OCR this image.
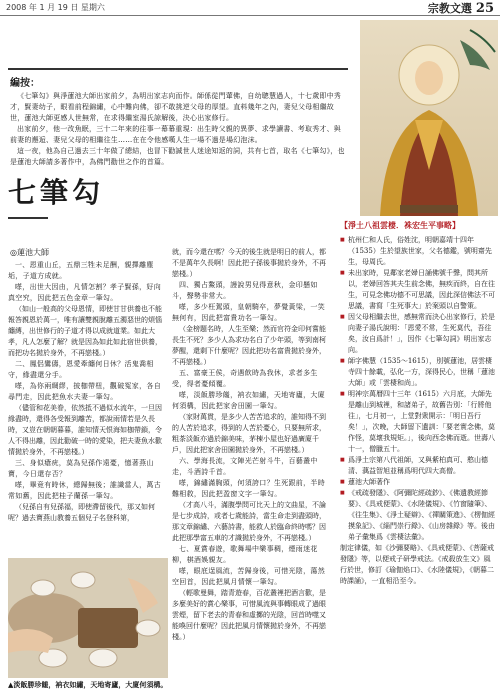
2008 年 1 月 19 日 星期六	宗教文選 25
編按：

《七筆勾》與淨蓮池大師出家前夕，為明出家志向而作。師係從門葷佛，自幼聰慧過人，十七歲即中秀才，賢妻幼子，眼看前程錦繡，心中難向佛，卻不敢挑逆父母的厚望。直料幾年之內，妻兒父母相繼故世，蓮池大師更感人世無常，在求得繼室湯氏諒解後，決心出家修行。

出家前夕，他一改魚眠，三十二年來的往事一幕幕重現：出生時父親的異夢、求學讀書、考取秀才、與前妻的邂逅、妻兒父母的相繼往生……在在令他感嘆人生一場不過是場幻泡沫。

這一夜，他為自己過去三十年做了總結，也冒下勸誠世人迷途知返的詞，共有七首，取名《七筆勾》，也是蓮池大師請多著作中，為佛門勸世之作的首篇。

七筆勾
◎蓮池大師

一、恩重山丘，五鼎三牲未足酬，親擇離塵垢，子道方成就。

嗏，出世大因由，凡情怎割？孝子賢孫，好向真空究，因此把五色金章一筆勾。

（如山一般高的父母恩情，即使甘甘供養也不能報答親恩於萬一，唯有讓雙親脫離五濁惡世的煩惱纏縛，出世修行的子道才得以成就道業。如此大孝，凡人怎麼了解？就是因為如此如此宿世供養，而把功名拋於身外，不再戀棧。）

二、鳳侶鸞儔，恩愛牽纏何日休？活鬼喬相守，緣盡還分手。

嗏，為你兩綢繆，披枷帶杻，觀破冤家，各自尋門走，因此把魚水夫妻一筆勾。

（儘管和花美眷，依然抵不過似水流年，一旦因緣盡時，還得各受報到離苦，都說雨情若是久長時，又豈在朝朝暮暮，誰知情天恨海如枷帶鎖，令人不得出離，因此勸破一時的愛染，把夫妻魚水歡情拋於身外，不再戀棧。）

三、身似瘡疣，莫為兒孫作遠憂，憶著燕山寶，今日還存否？

嗏，畢竟有時休，總歸無後；誰識當人，萬古常如舊，因此把桂子蘭孫一筆勾。

（兒孫自有兒孫福，即使滯留後代，那又如何呢？過去寶燕山教養五個兒子名登科第，

就，而今還在嗎？今天的後生就是明日的前人，都不是萬年久長啊！因此把子孫後事拋於身外，不再戀棧。）

四、獨占鰲頭，謾說男兒得意秋，金印懸如斗，聲勢非常大。

嗏，多少枉駕頭，皇朝騎卒，夢覺黃梁，一笑無何有，因此把富貴功名一筆勾。

（金榜題名時，人生至樂；然而官符金印何嘗能長生不死？多少人為求功名白了少年頭，等到南柯夢醒，還剩下什麼呢？因此把功名富貴拋於身外，不再戀棧。）

五、富豪王侯，奇遇飲時為我休，求者多生受，得者憂傾覆。

嗏，淡飯勝珍饈，衲衣如繡，天地寄廬，大廈何須構，因此把家舍田園一筆勾。

（家財萬貫，是多少人苦苦追求的，誰知得不到的人苦於追求，得到的人苦於憂心，只要無所求，粗茶淡飯亦過於錦美味，茅棟小屋也好過廣廈千戶，因此把家舍田園拋於身外，不再戀棧。）

六、學海長流，文陣光芒射斗牛，百藝叢中走，斗酒詩千首。

嗏，錦繡滿胸頭，何須誇口？生死跟前，半時難相救，因此把盈窗文字一筆勾。

（才高八斗，滿腹學問可比天上的文曲星，不論是七步成詩，或者七歲能詩，當生命走到盡頭時，那文章錦繡、六藝詩書，能救人於臨命終時嗎？因此把那學富五車的才識拋於身外，不再戀棧。）

七、夏賞春遊，歌舞場中樂事稠，煙雨迷花柳，棋酒娛親友。

嗏，眼底逞風流，苦歸身後，可惜光陰，蕩然空回首，因此把風月情懷一筆勾。

（輕歌曼舞，踏青遊春，百花叢裡把酒言歡，是多麼美好的賞心樂事，可惜風流與事轉眼成了過眼雲煙，留下老去的青春和虛擲的光陰，回首時噬又能喚回什麼呢？因此把風月情懷拋於身外，不再戀棧。）

▲淡飯勝珍饈，衲衣如繡，天地寄廬，大廈何須構。
【淨土八祖雲棲．袾宏生平事略】
■ 杭州仁和人氏，俗姓沈，明朝嘉靖十四年（1535）生於望族世家，父名德鑑，號明齋先生，母周氏。
■ 未出家時，見鄰家老婦日誦佛號千聲，問其所以，老婦回答其夫生前念佛，無疾而終，自在往生，可見念佛功德不可思議，因此深信佛法不可思議，書寫「生死事大」於案頭以自警策。
■ 因父母相繼去世，感無常而決心出家修行，於是向妻子湯氏說明：「恩愛不常，生死莫代，吾往矣，汝自爲計！」，因作《七筆勾詞》明出家志向。
■ 師字佛慧（1535～1615），別號蓮池，居雲棲寺四十餘載，弘化一方，深得民心，世稱「蓮池大師」或「雲棲和尚」。
■ 明神宗萬曆四十三年（1615）六月底，大師先是離山到城裡，和諸弟子，故舊告別：「行將他往」，七月初一，上堂對衆開示：「明日吾行矣！」，次晚，大師留下遺訓：「要老實念佛，莫作怪，莫壞我規矩。」，後向西念佛而逝。世壽八十一，僧臘五十。
■ 爲淨土宗第八代祖師，又與紫柏真可、憨山德清、蕅益智旭並稱爲明代四大高僧。
■ 蓮池大師著作
■ 《戒疏發隱》、《阿彌陀經疏鈔》、《佛遺教經節要》、《具戒便蒙》、《水陸儀規》、《竹窗隨筆》、《往生集》、《淨土疑辯》、《禪關策進》、《楞伽經摸象記》、《緇門崇行錄》、《山房雜錄》等。後由弟子彙集爲《雲棲法彙》。

制定律儀，如《沙彌要略》、《具戒便蒙》、《菩薩戒發隱》等，以便戒子研學戒法。《戒殺放生文》風行於世，修訂《瑜伽焰口》、《水陸儀規》，《朝暮二時課誦》，一直相沿至今。
